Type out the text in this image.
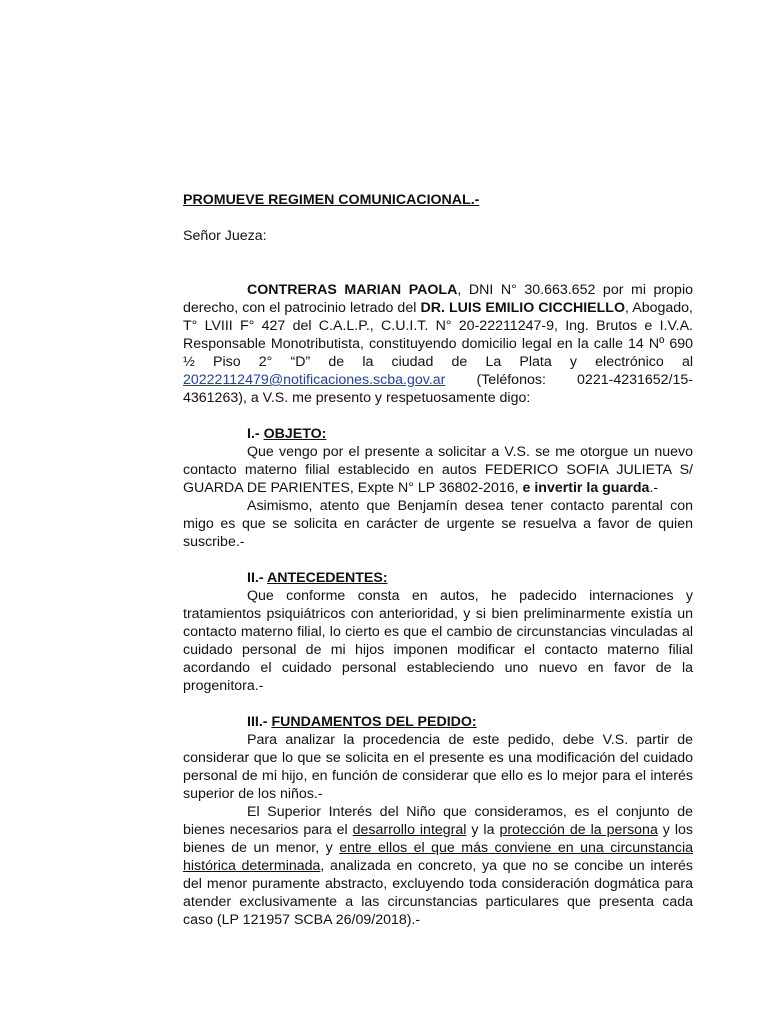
PROMUEVE REGIMEN COMUNICACIONAL.-

Señor Jueza:

CONTRERAS MARIAN PAOLA, DNI N° 30.663.652 por mi propio derecho, con el patrocinio letrado del DR. LUIS EMILIO CICCHIELLO, Abogado, T° LVIII F° 427 del C.A.L.P., C.U.I.T. N° 20-22211247-9, Ing. Brutos e I.V.A. Responsable Monotributista, constituyendo domicilio legal en la calle 14 Nº 690 ½ Piso 2° “D” de la ciudad de La Plata y electrónico al 20222112479@notificaciones.scba.gov.ar (Teléfonos: 0221-4231652/15-4361263), a V.S. me presento y respetuosamente digo:

I.- OBJETO:

Que vengo por el presente a solicitar a V.S. se me otorgue un nuevo contacto materno filial establecido en autos FEDERICO SOFIA JULIETA S/ GUARDA DE PARIENTES, Expte N° LP 36802-2016, e invertir la guarda.-

Asimismo, atento que Benjamín desea tener contacto parental con migo es que se solicita en carácter de urgente se resuelva a favor de quien suscribe.-

II.- ANTECEDENTES:

Que conforme consta en autos, he padecido internaciones y tratamientos psiquiátricos con anterioridad, y si bien preliminarmente existía un contacto materno filial, lo cierto es que el cambio de circunstancias vinculadas al cuidado personal de mi hijos imponen modificar el contacto materno filial acordando el cuidado personal estableciendo uno nuevo en favor de la progenitora.-

III.- FUNDAMENTOS DEL PEDIDO:

Para analizar la procedencia de este pedido, debe V.S. partir de considerar que lo que se solicita en el presente es una modificación del cuidado personal de mi hijo, en función de considerar que ello es lo mejor para el interés superior de los niños.-

El Superior Interés del Niño que consideramos, es el conjunto de bienes necesarios para el desarrollo integral y la protección de la persona y los bienes de un menor, y entre ellos el que más conviene en una circunstancia histórica determinada, analizada en concreto, ya que no se concibe un interés del menor puramente abstracto, excluyendo toda consideración dogmática para atender exclusivamente a las circunstancias particulares que presenta cada caso (LP 121957 SCBA 26/09/2018).-
